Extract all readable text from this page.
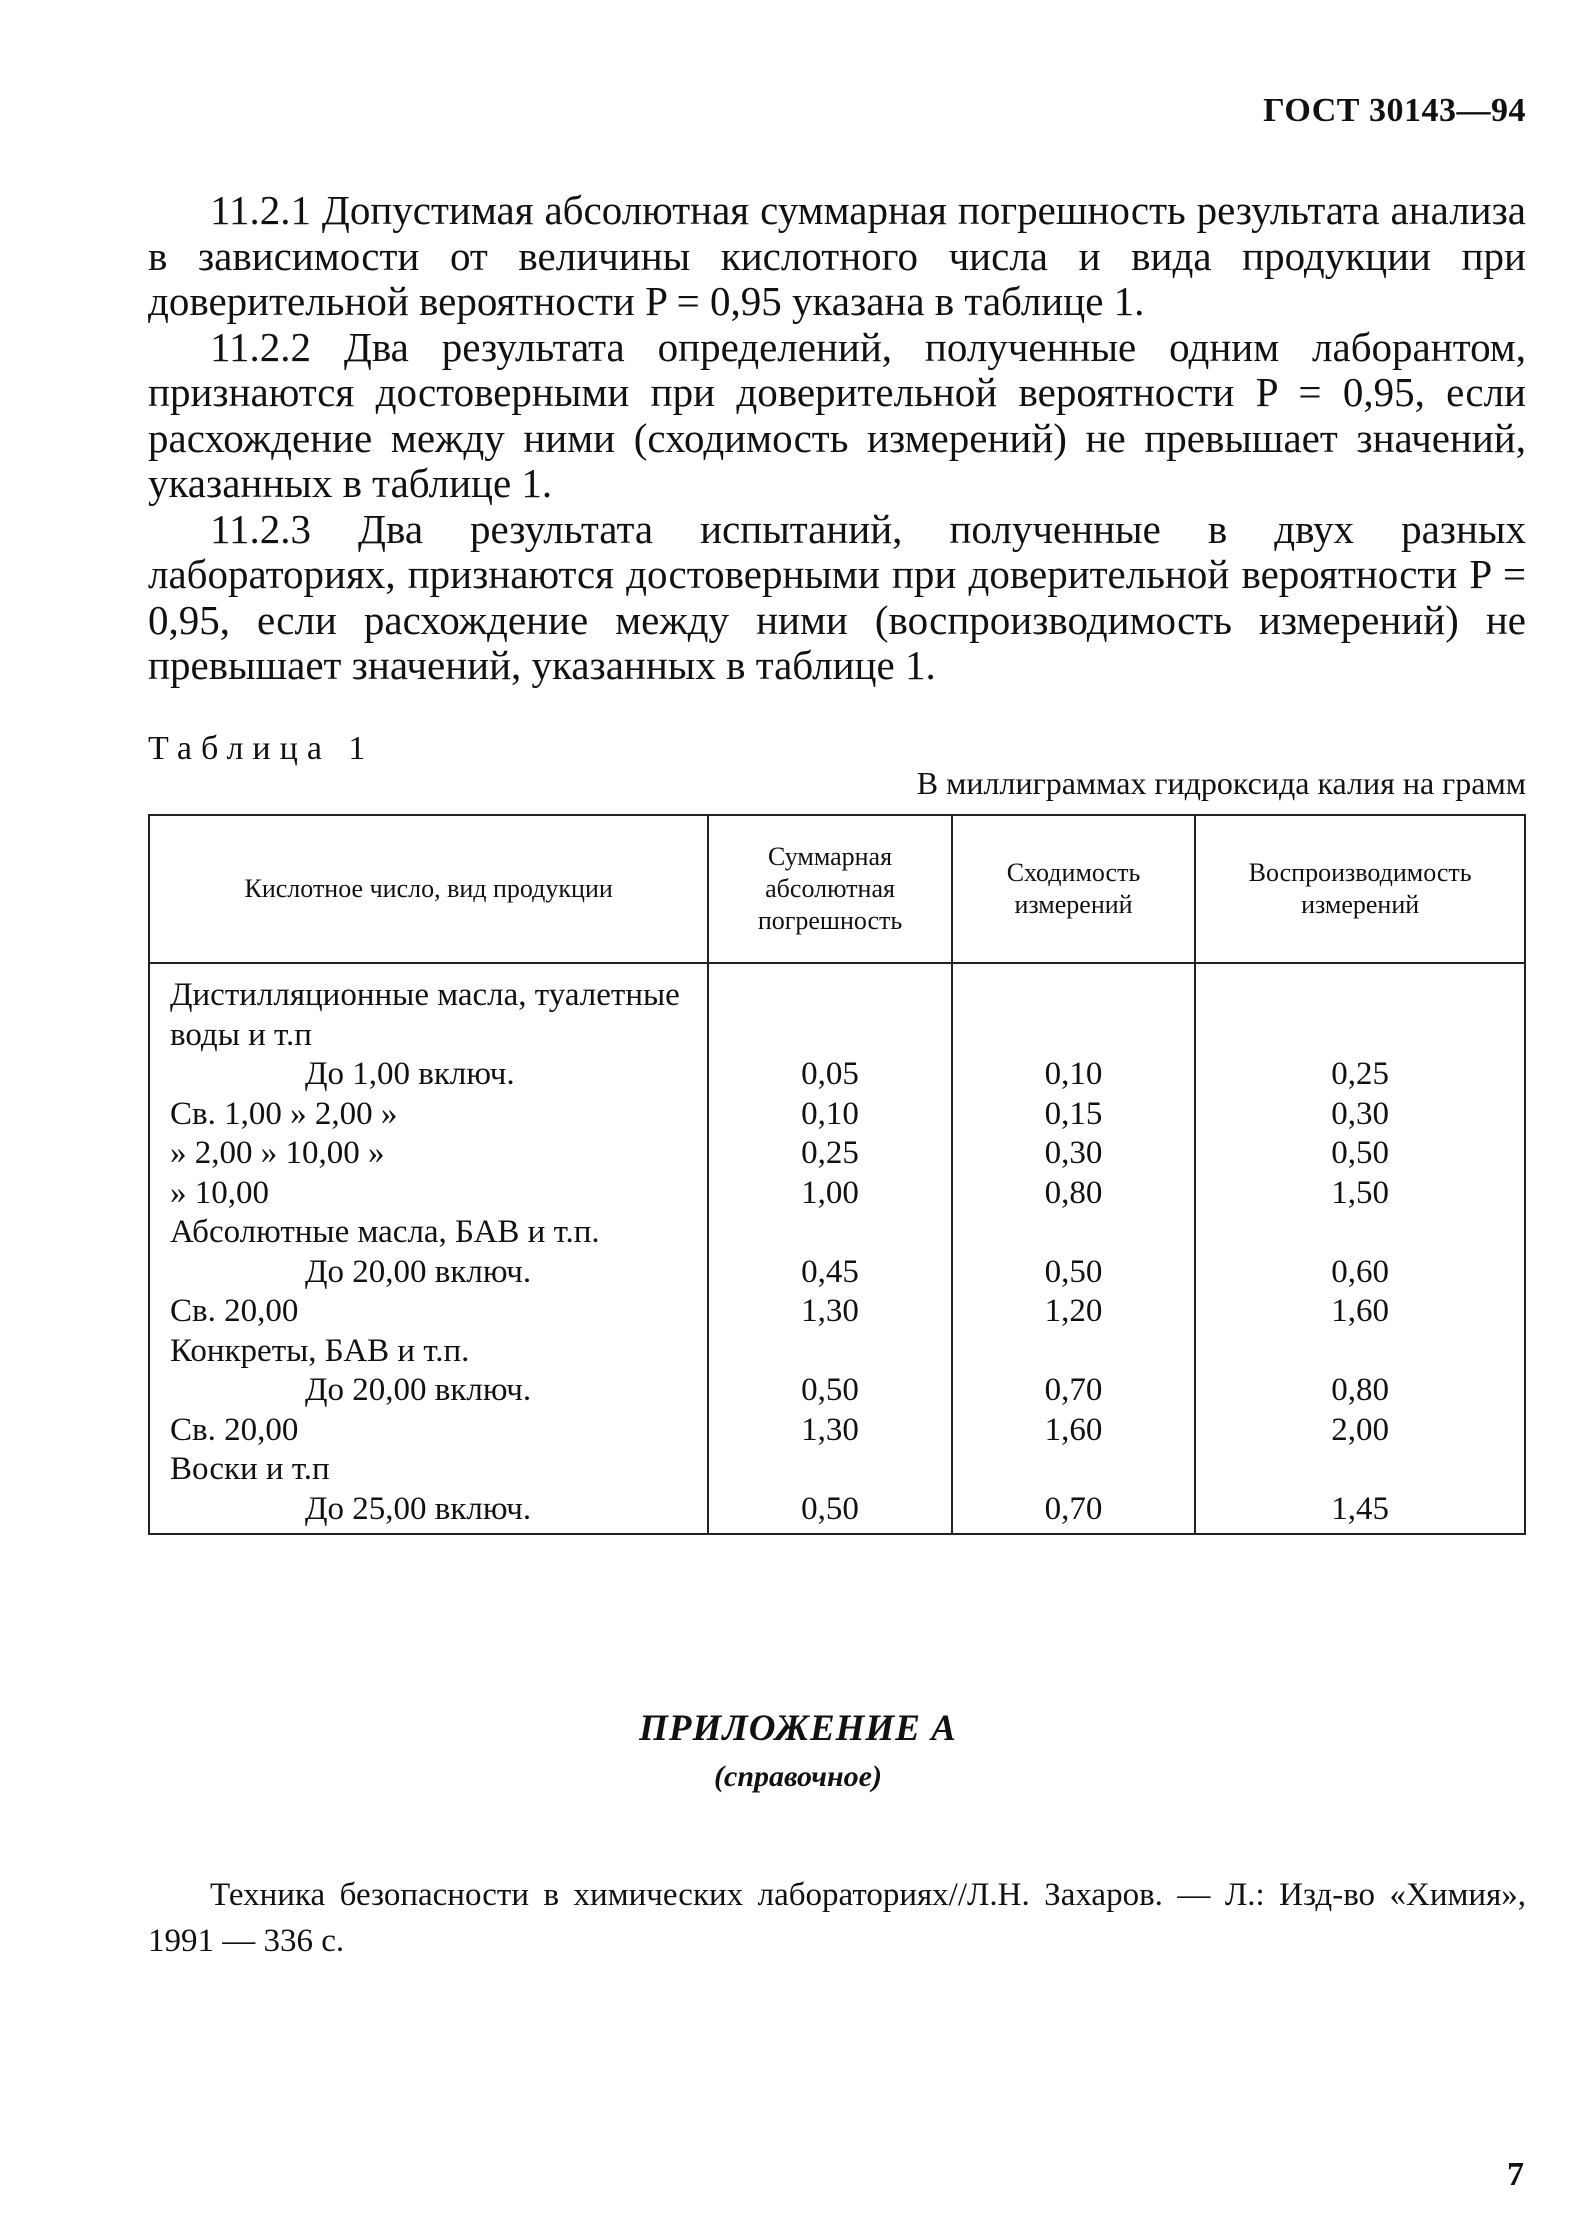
ГОСТ 30143—94

11.2.1 Допустимая абсолютная суммарная погрешность результата анализа в зависимости от величины кислотного числа и вида продукции при доверительной вероятности P = 0,95 указана в таблице 1.

11.2.2 Два результата определений, полученные одним лаборантом, признаются достоверными при доверительной вероятности P = 0,95, если расхождение между ними (сходимость измерений) не превышает значений, указанных в таблице 1.

11.2.3 Два результата испытаний, полученные в двух разных лабораториях, признаются достоверными при доверительной вероятности P = 0,95, если расхождение между ними (воспроизводимость измерений) не превышает значений, указанных в таблице 1.

Таблица 1
В миллиграммах гидроксида калия на грамм
Кислотное число, вид продукции	Суммарная абсолютная погрешность	Сходимость измерений	Воспроизводимость измерений
Дистилляционные масла, туалетные воды и т.п			
До 1,00 включ.	0,05	0,10	0,25
Св. 1,00 » 2,00 »	0,10	0,15	0,30
» 2,00 » 10,00 »	0,25	0,30	0,50
» 10,00	1,00	0,80	1,50
Абсолютные масла, БАВ и т.п.			
До 20,00 включ.	0,45	0,50	0,60
Св. 20,00	1,30	1,20	1,60
Конкреты, БАВ и т.п.			
До 20,00 включ.	0,50	0,70	0,80
Св. 20,00	1,30	1,60	2,00
Воски и т.п			
До 25,00 включ.	0,50	0,70	1,45
ПРИЛОЖЕНИЕ А
(справочное)
Техника безопасности в химических лабораториях//Л.Н. Захаров. — Л.: Изд-во «Химия», 1991 — 336 с.
7
